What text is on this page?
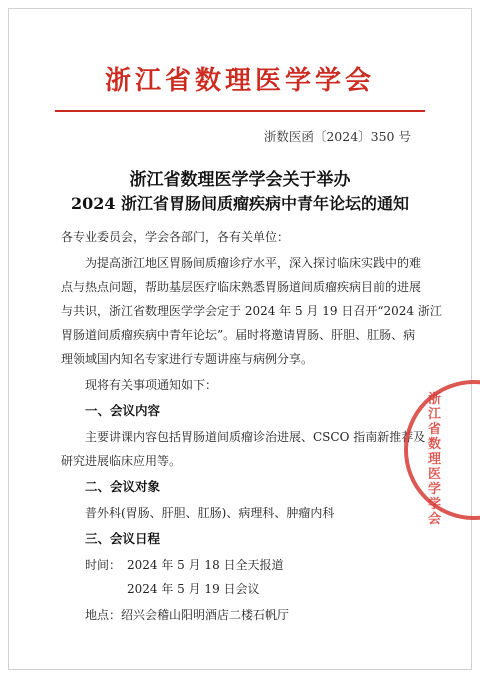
浙江省数理医学学会
浙数医函〔2024〕350 号
浙江省数理医学学会关于举办
2024 浙江省胃肠间质瘤疾病中青年论坛的通知
各专业委员会，学会各部门，各有关单位：
为提高浙江地区胃肠间质瘤诊疗水平，深入探讨临床实践中的难
点与热点问题，帮助基层医疗临床熟悉胃肠道间质瘤疾病目前的进展
与共识，浙江省数理医学学会定于 2024 年 5 月 19 日召开“2024 浙江
胃肠道间质瘤疾病中青年论坛”。届时将邀请胃肠、肝胆、肛肠、病
理领域国内知名专家进行专题讲座与病例分享。
现将有关事项通知如下：
一、会议内容
主要讲课内容包括胃肠道间质瘤诊治进展、CSCO 指南新推荐及
研究进展临床应用等。
二、会议对象
普外科(胃肠、肝胆、肛肠)、病理科、肿瘤内科
三、会议日程
时间： 2024 年 5 月 18 日全天报道
2024 年 5 月 19 日会议
地点：绍兴会稽山阳明酒店二楼石帆厅
浙江省数理医学学会
